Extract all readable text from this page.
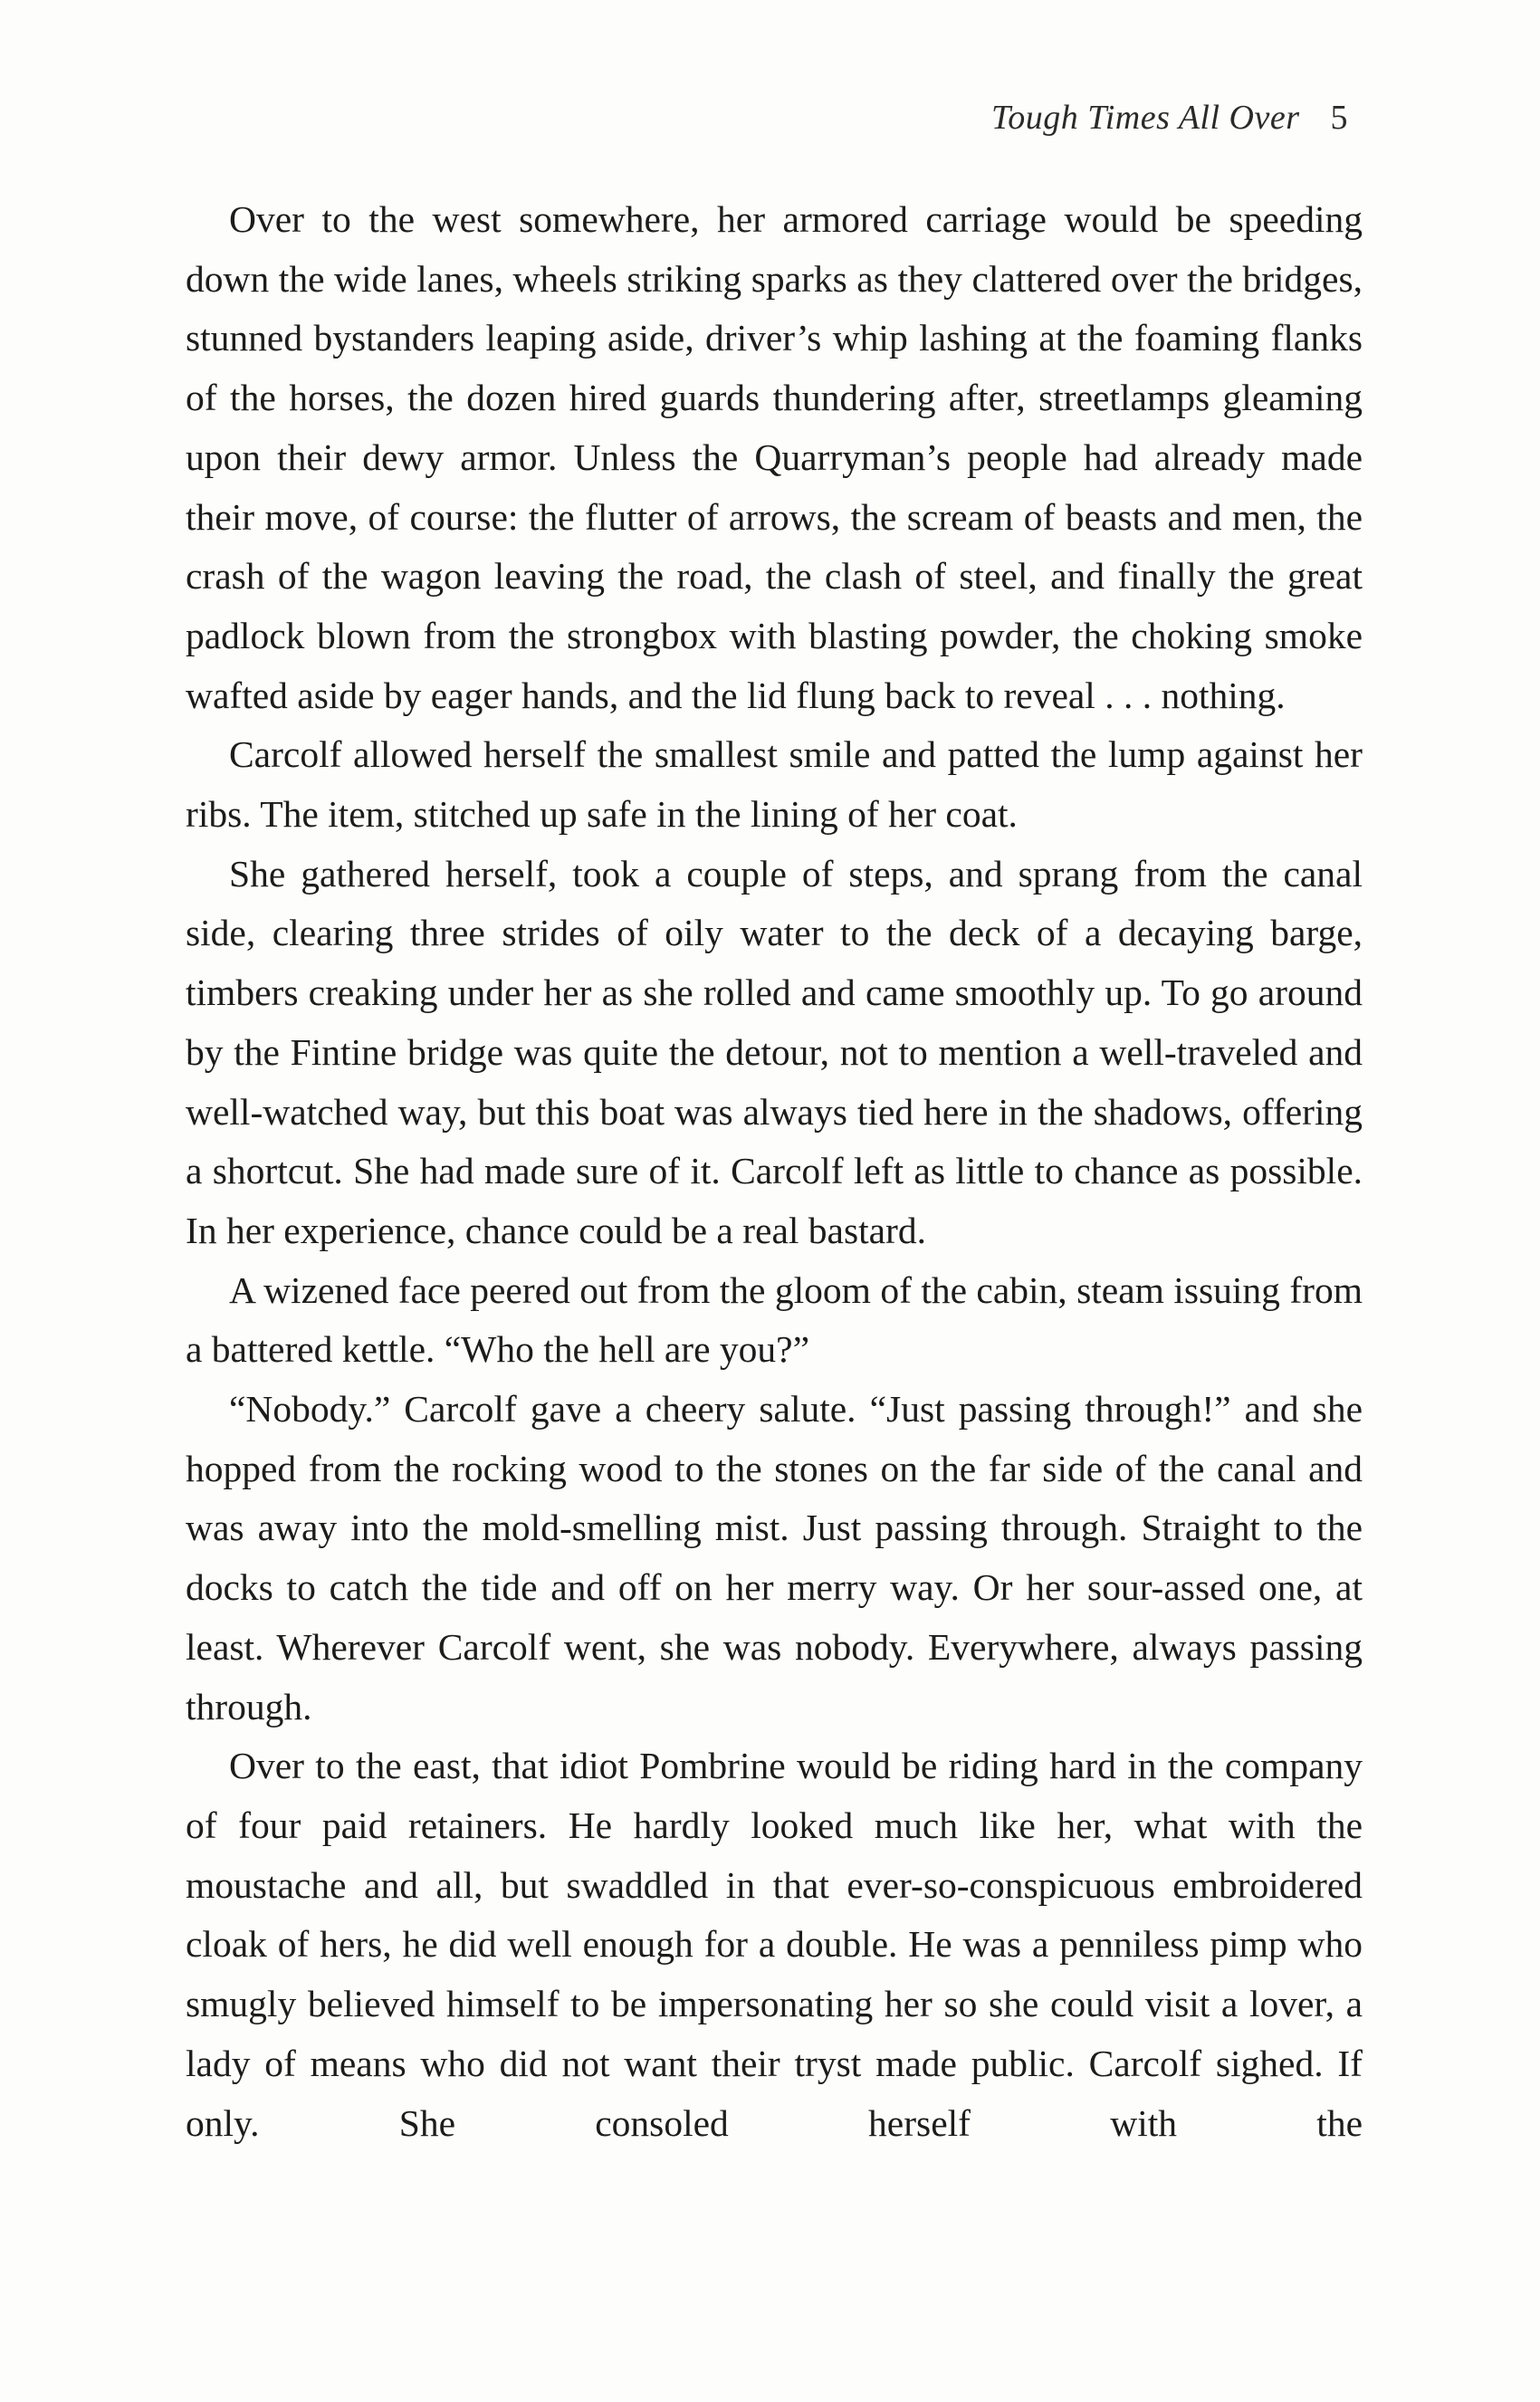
Tough Times All Over 5

Over to the west somewhere, her armored carriage would be speeding down the wide lanes, wheels striking sparks as they clattered over the bridges, stunned bystanders leaping aside, driver’s whip lashing at the foaming flanks of the horses, the dozen hired guards thundering after, streetlamps gleaming upon their dewy armor. Unless the Quarryman’s people had already made their move, of course: the flutter of arrows, the scream of beasts and men, the crash of the wagon leaving the road, the clash of steel, and finally the great padlock blown from the strongbox with blasting powder, the choking smoke wafted aside by eager hands, and the lid flung back to reveal . . . nothing.

Carcolf allowed herself the smallest smile and patted the lump against her ribs. The item, stitched up safe in the lining of her coat.

She gathered herself, took a couple of steps, and sprang from the canal side, clearing three strides of oily water to the deck of a decaying barge, timbers creaking under her as she rolled and came smoothly up. To go around by the Fintine bridge was quite the detour, not to mention a well-traveled and well-watched way, but this boat was always tied here in the shadows, offering a shortcut. She had made sure of it. Carcolf left as little to chance as possible. In her experience, chance could be a real bastard.

A wizened face peered out from the gloom of the cabin, steam issuing from a battered kettle. “Who the hell are you?”

“Nobody.” Carcolf gave a cheery salute. “Just passing through!” and she hopped from the rocking wood to the stones on the far side of the canal and was away into the mold-smelling mist. Just passing through. Straight to the docks to catch the tide and off on her merry way. Or her sour-assed one, at least. Wherever Carcolf went, she was nobody. Everywhere, always passing through.

Over to the east, that idiot Pombrine would be riding hard in the company of four paid retainers. He hardly looked much like her, what with the moustache and all, but swaddled in that ever-so-conspicuous embroidered cloak of hers, he did well enough for a double. He was a penniless pimp who smugly believed himself to be impersonating her so she could visit a lover, a lady of means who did not want their tryst made public. Carcolf sighed. If only. She consoled herself with the
